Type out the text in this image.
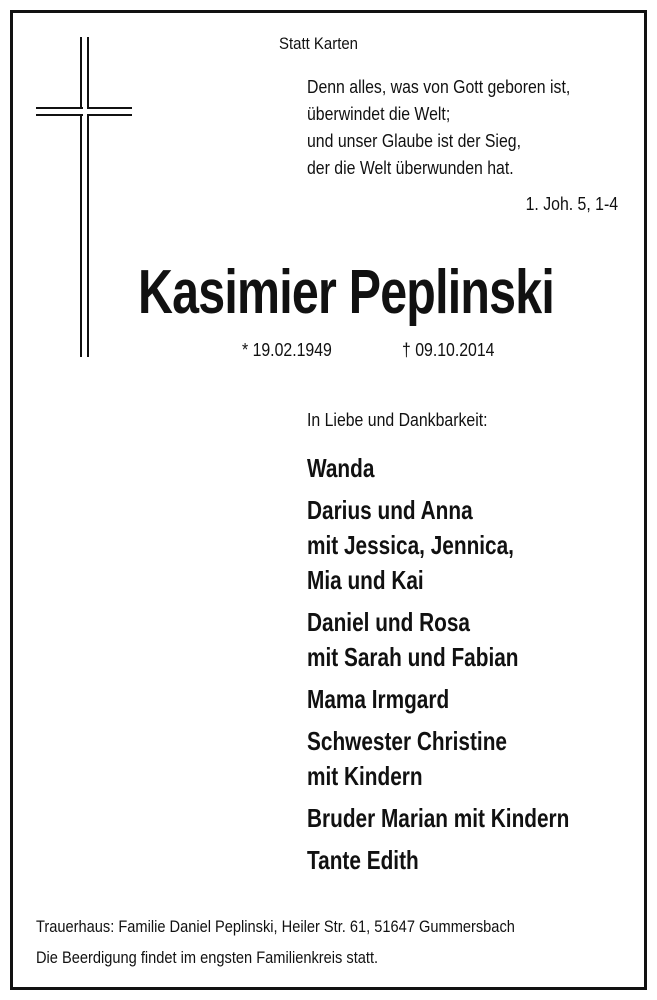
Statt Karten
Denn alles, was von Gott geboren ist,
überwindet die Welt;
und unser Glaube ist der Sieg,
der die Welt überwunden hat.
1. Joh. 5, 1-4
Kasimier Peplinski
* 19.02.1949	† 09.10.2014
In Liebe und Dankbarkeit:
Wanda
Darius und Anna
mit Jessica, Jennica,
Mia und Kai
Daniel und Rosa
mit Sarah und Fabian
Mama Irmgard
Schwester Christine
mit Kindern
Bruder Marian mit Kindern
Tante Edith
Trauerhaus: Familie Daniel Peplinski, Heiler Str. 61, 51647 Gummersbach
Die Beerdigung findet im engsten Familienkreis statt.
